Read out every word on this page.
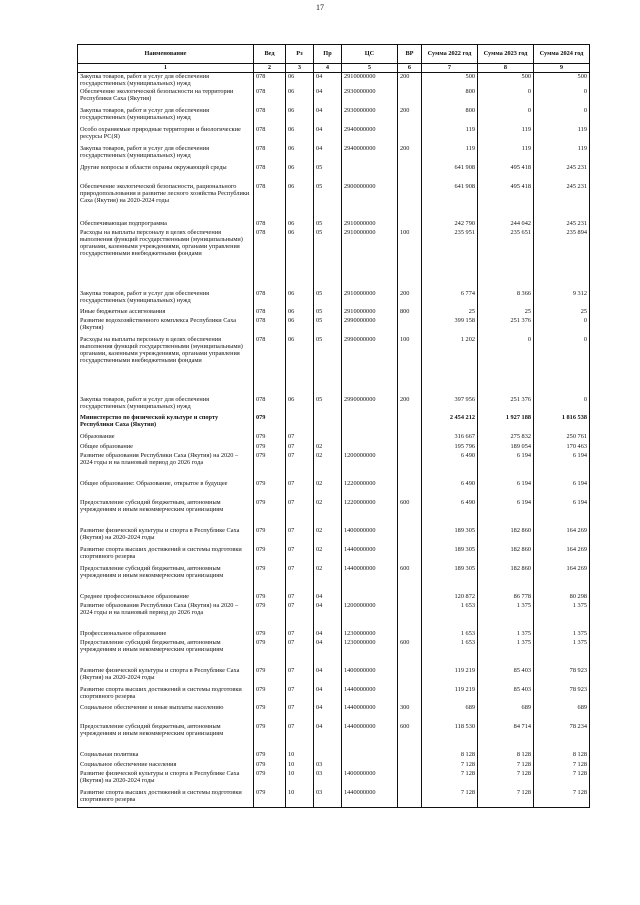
17
Наименование	Вед	Рз	Пр	ЦС	ВР	Сумма 2022 год	Сумма 2023 год	Сумма 2024 год
1	2	3	4	5	6	7	8	9
Закупка товаров, работ и услуг для обеспечения государственных (муниципальных) нужд	078	06	04	2910000000	200	500	500	500
Обеспечение экологической безопасности на территории Республики Саха (Якутия)	078	06	04	2930000000		800	0	0
Закупка товаров, работ и услуг для обеспечения государственных (муниципальных) нужд	078	06	04	2930000000	200	800	0	0
Особо охраняемые природные территории и биологические ресурсы РС(Я)	078	06	04	2940000000		119	119	119
Закупка товаров, работ и услуг для обеспечения государственных (муниципальных) нужд	078	06	04	2940000000	200	119	119	119
Другие вопросы в области охраны окружающей среды	078	06	05			641 908	495 418	245 231
Обеспечение экологической безопасности, рационального природопользования и развитие лесного хозяйства Республики Саха (Якутия) на 2020-2024 годы	078	06	05	2900000000		641 908	495 418	245 231
Обеспечивающая подпрограмма	078	06	05	2910000000		242 790	244 042	245 231
Расходы на выплаты персоналу в целях обеспечения выполнения функций государственными (муниципальными) органами, казенными учреждениями, органами управления государственными внебюджетными фондами	078	06	05	2910000000	100	235 951	235 651	235 894
Закупка товаров, работ и услуг для обеспечения государственных (муниципальных) нужд	078	06	05	2910000000	200	6 774	8 366	9 312
Иные бюджетные ассигнования	078	06	05	2910000000	800	25	25	25
Развитие водохозяйственного комплекса Республики Саха (Якутия)	078	06	05	2990000000		399 158	251 376	0
Расходы на выплаты персоналу в целях обеспечения выполнения функций государственными (муниципальными) органами, казенными учреждениями, органами управления государственными внебюджетными фондами	078	06	05	2990000000	100	1 202	0	0
Закупка товаров, работ и услуг для обеспечения государственных (муниципальных) нужд	078	06	05	2990000000	200	397 956	251 376	0
Министерство по физической культуре и спорту Республики Саха (Якутия)	079					2 454 212	1 927 188	1 816 538
Образование	079	07				316 667	275 832	250 761
Общее образование	079	07	02			195 796	189 054	170 463
Развитие образования Республики Саха (Якутия) на 2020 – 2024 годы и на плановый период до 2026 года	079	07	02	1200000000		6 490	6 194	6 194
Общее образование: Образование, открытое в будущее	079	07	02	1220000000		6 490	6 194	6 194
Предоставление субсидий бюджетным, автономным учреждениям и иным некоммерческим организациям	079	07	02	1220000000	600	6 490	6 194	6 194
Развитие физической культуры и спорта в Республике Саха (Якутия) на 2020-2024 годы	079	07	02	1400000000		189 305	182 860	164 269
Развитие спорта высших достижений и системы подготовки спортивного резерва	079	07	02	1440000000		189 305	182 860	164 269
Предоставление субсидий бюджетным, автономным учреждениям и иным некоммерческим организациям	079	07	02	1440000000	600	189 305	182 860	164 269
Среднее профессиональное образование	079	07	04			120 872	86 778	80 298
Развитие образования Республики Саха (Якутия) на 2020 – 2024 годы и на плановый период до 2026 года	079	07	04	1200000000		1 653	1 375	1 375
Профессиональное образование	079	07	04	1230000000		1 653	1 375	1 375
Предоставление субсидий бюджетным, автономным учреждениям и иным некоммерческим организациям	079	07	04	1230000000	600	1 653	1 375	1 375
Развитие физической культуры и спорта в Республике Саха (Якутия) на 2020-2024 годы	079	07	04	1400000000		119 219	85 403	78 923
Развитие спорта высших достижений и системы подготовки спортивного резерва	079	07	04	1440000000		119 219	85 403	78 923
Социальное обеспечение и иные выплаты населению	079	07	04	1440000000	300	689	689	689
Предоставление субсидий бюджетным, автономным учреждениям и иным некоммерческим организациям	079	07	04	1440000000	600	118 530	84 714	78 234
Социальная политика	079	10				8 128	8 128	8 128
Социальное обеспечение населения	079	10	03			7 128	7 128	7 128
Развитие физической культуры и спорта в Республике Саха (Якутия) на 2020-2024 годы	079	10	03	1400000000		7 128	7 128	7 128
Развитие спорта высших достижений и системы подготовки спортивного резерва	079	10	03	1440000000		7 128	7 128	7 128
